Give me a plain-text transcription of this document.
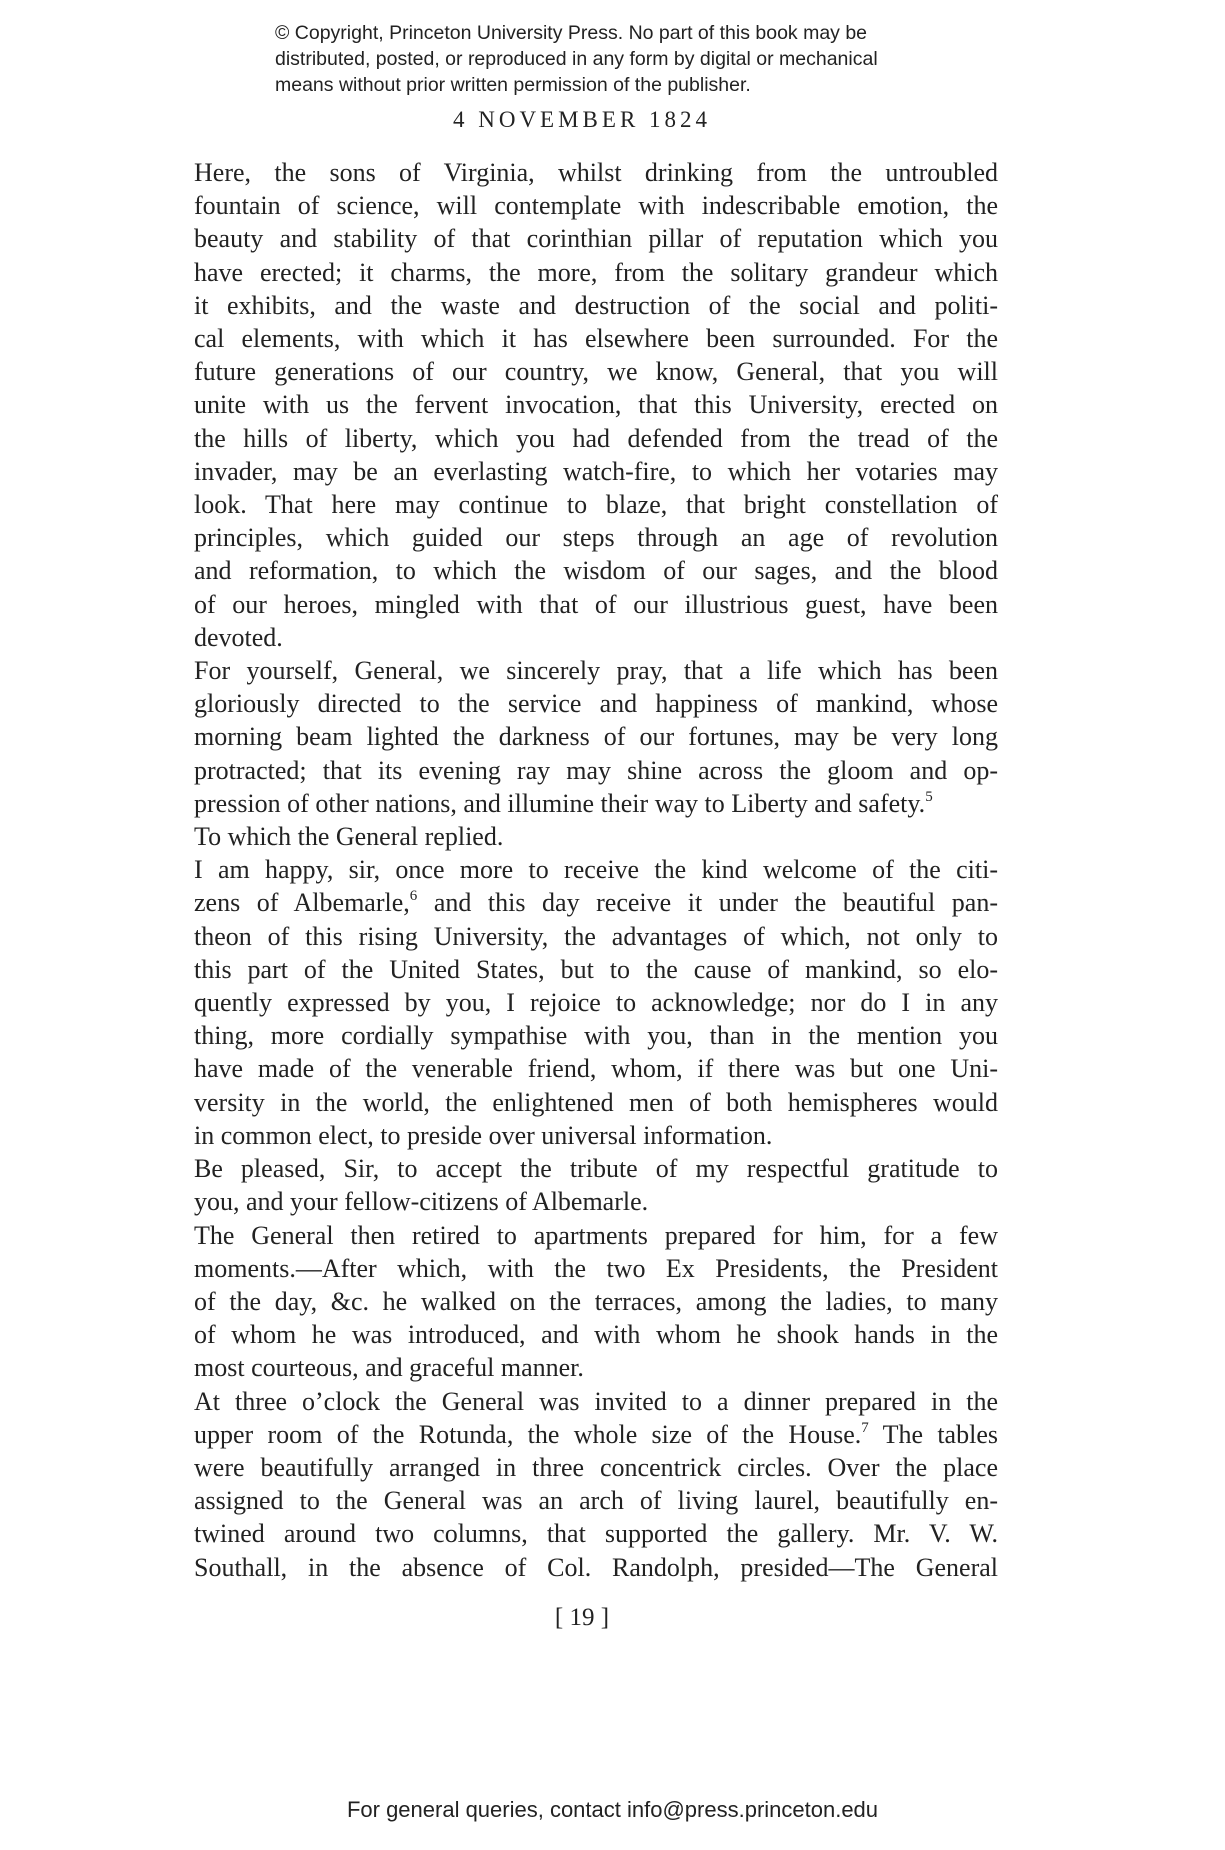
© Copyright, Princeton University Press. No part of this book may be
distributed, posted, or reproduced in any form by digital or mechanical
means without prior written permission of the publisher.
4 NOVEMBER 1824

Here, the sons of Virginia, whilst drinking from the untroubled
fountain of science, will contemplate with indescribable emotion, the
beauty and stability of that corinthian pillar of reputation which you
have erected; it charms, the more, from the solitary grandeur which
it exhibits, and the waste and destruction of the social and politi-
cal elements, with which it has elsewhere been surrounded. For the
future generations of our country, we know, General, that you will
unite with us the fervent invocation, that this University, erected on
the hills of liberty, which you had defended from the tread of the
invader, may be an everlasting watch-fire, to which her votaries may
look. That here may continue to blaze, that bright constellation of
principles, which guided our steps through an age of revolution
and reformation, to which the wisdom of our sages, and the blood
of our heroes, mingled with that of our illustrious guest, have been
devoted.

For yourself, General, we sincerely pray, that a life which has been
gloriously directed to the service and happiness of mankind, whose
morning beam lighted the darkness of our fortunes, may be very long
protracted; that its evening ray may shine across the gloom and op-
pression of other nations, and illumine their way to Liberty and safety.$^5$

To which the General replied.

I am happy, sir, once more to receive the kind welcome of the citi-
zens of Albemarle,$^6$ and this day receive it under the beautiful pan-
theon of this rising University, the advantages of which, not only to
this part of the United States, but to the cause of mankind, so elo-
quently expressed by you, I rejoice to acknowledge; nor do I in any
thing, more cordially sympathise with you, than in the mention you
have made of the venerable friend, whom, if there was but one Uni-
versity in the world, the enlightened men of both hemispheres would
in common elect, to preside over universal information.

Be pleased, Sir, to accept the tribute of my respectful gratitude to
you, and your fellow-citizens of Albemarle.

The General then retired to apartments prepared for him, for a few
moments.—After which, with the two Ex Presidents, the President
of the day, &c. he walked on the terraces, among the ladies, to many
of whom he was introduced, and with whom he shook hands in the
most courteous, and graceful manner.

At three o’clock the General was invited to a dinner prepared in the
upper room of the Rotunda, the whole size of the House.$^7$ The tables
were beautifully arranged in three concentrick circles. Over the place
assigned to the General was an arch of living laurel, beautifully en-
twined around two columns, that supported the gallery. Mr. V. W.
Southall, in the absence of Col. Randolph, presided—The General

[ 19 ]
For general queries, contact info@press.princeton.edu
